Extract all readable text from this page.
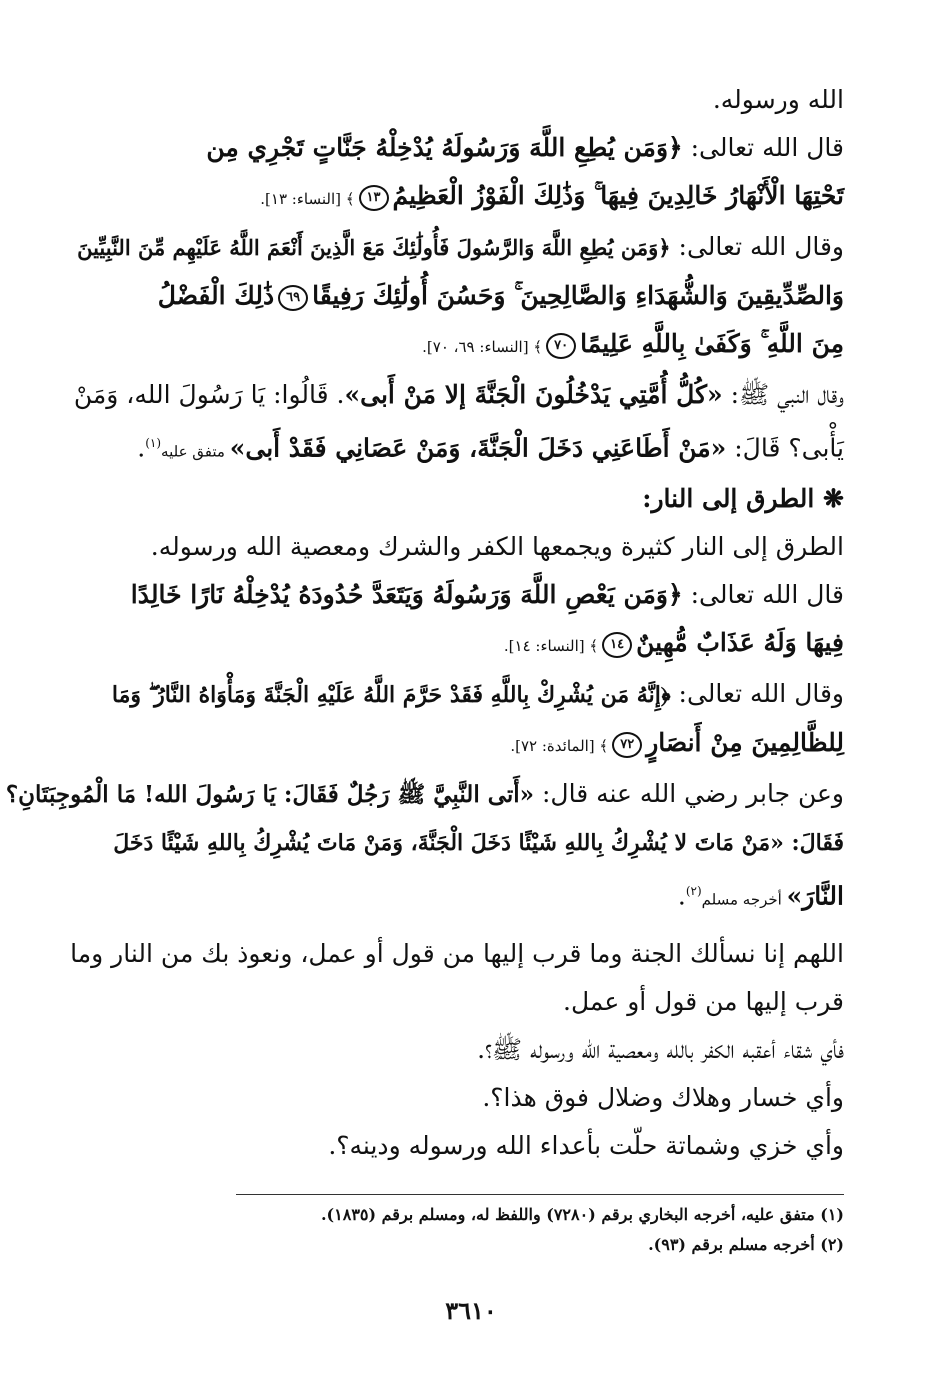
الله ورسوله.
قال الله تعالى: ﴿وَمَن يُطِعِ اللَّهَ وَرَسُولَهُ يُدْخِلْهُ جَنَّاتٍ تَجْرِي مِن
تَحْتِهَا الْأَنْهَارُ خَالِدِينَ فِيهَا ۚ وَذَٰلِكَ الْفَوْزُ الْعَظِيمُ١٣﴾ [النساء: ١٣].
وقال الله تعالى: ﴿وَمَن يُطِعِ اللَّهَ وَالرَّسُولَ فَأُولَٰئِكَ مَعَ الَّذِينَ أَنْعَمَ اللَّهُ عَلَيْهِم مِّنَ النَّبِيِّينَ
وَالصِّدِّيقِينَ وَالشُّهَدَاءِ وَالصَّالِحِينَ ۚ وَحَسُنَ أُولَٰئِكَ رَفِيقًا٦٩ذَٰلِكَ الْفَضْلُ
مِنَ اللَّهِ ۚ وَكَفَىٰ بِاللَّهِ عَلِيمًا٧٠﴾ [النساء: ٦٩، ٧٠].
وقال النبي ﷺ: «كُلُّ أُمَّتِي يَدْخُلُونَ الْجَنَّةَ إلا مَنْ أَبى». قَالُوا: يَا رَسُولَ الله، وَمَنْ
يَأْبى؟ قَالَ: «مَنْ أَطَاعَنِي دَخَلَ الْجَنَّةَ، وَمَنْ عَصَانِي فَقَدْ أَبى» متفق عليه$^{(١)}$.
❋ الطرق إلى النار:
الطرق إلى النار كثيرة ويجمعها الكفر والشرك ومعصية الله ورسوله.
قال الله تعالى: ﴿وَمَن يَعْصِ اللَّهَ وَرَسُولَهُ وَيَتَعَدَّ حُدُودَهُ يُدْخِلْهُ نَارًا خَالِدًا
فِيهَا وَلَهُ عَذَابٌ مُّهِينٌ١٤﴾ [النساء: ١٤].
وقال الله تعالى: ﴿إِنَّهُ مَن يُشْرِكْ بِاللَّهِ فَقَدْ حَرَّمَ اللَّهُ عَلَيْهِ الْجَنَّةَ وَمَأْوَاهُ النَّارُ ۖ وَمَا
لِلظَّالِمِينَ مِنْ أَنصَارٍ٧٢﴾ [المائدة: ٧٢].
وعن جابر رضي الله عنه قال: «أَتى النَّبِيَّ ﷺ رَجُلٌ فَقَالَ: يَا رَسُولَ الله! مَا الْمُوجِبَتَانِ؟
فَقَالَ: «مَنْ مَاتَ لا يُشْرِكُ بِاللهِ شَيْئًا دَخَلَ الْجَنَّةَ، وَمَنْ مَاتَ يُشْرِكُ بِاللهِ شَيْئًا دَخَلَ
النَّارَ» أخرجه مسلم$^{(٢)}$.
اللهم إنا نسألك الجنة وما قرب إليها من قول أو عمل، ونعوذ بك من النار وما
قرب إليها من قول أو عمل.
فأي شقاء أعقبه الكفر بالله ومعصية الله ورسوله ﷺ؟.
وأي خسار وهلاك وضلال فوق هذا؟.
وأي خزي وشماتة حلّت بأعداء الله ورسوله ودينه؟.
(١) متفق عليه، أخرجه البخاري برقم (٧٢٨٠) واللفظ له، ومسلم برقم (١٨٣٥).
(٢) أخرجه مسلم برقم (٩٣).
٣٦١٠
